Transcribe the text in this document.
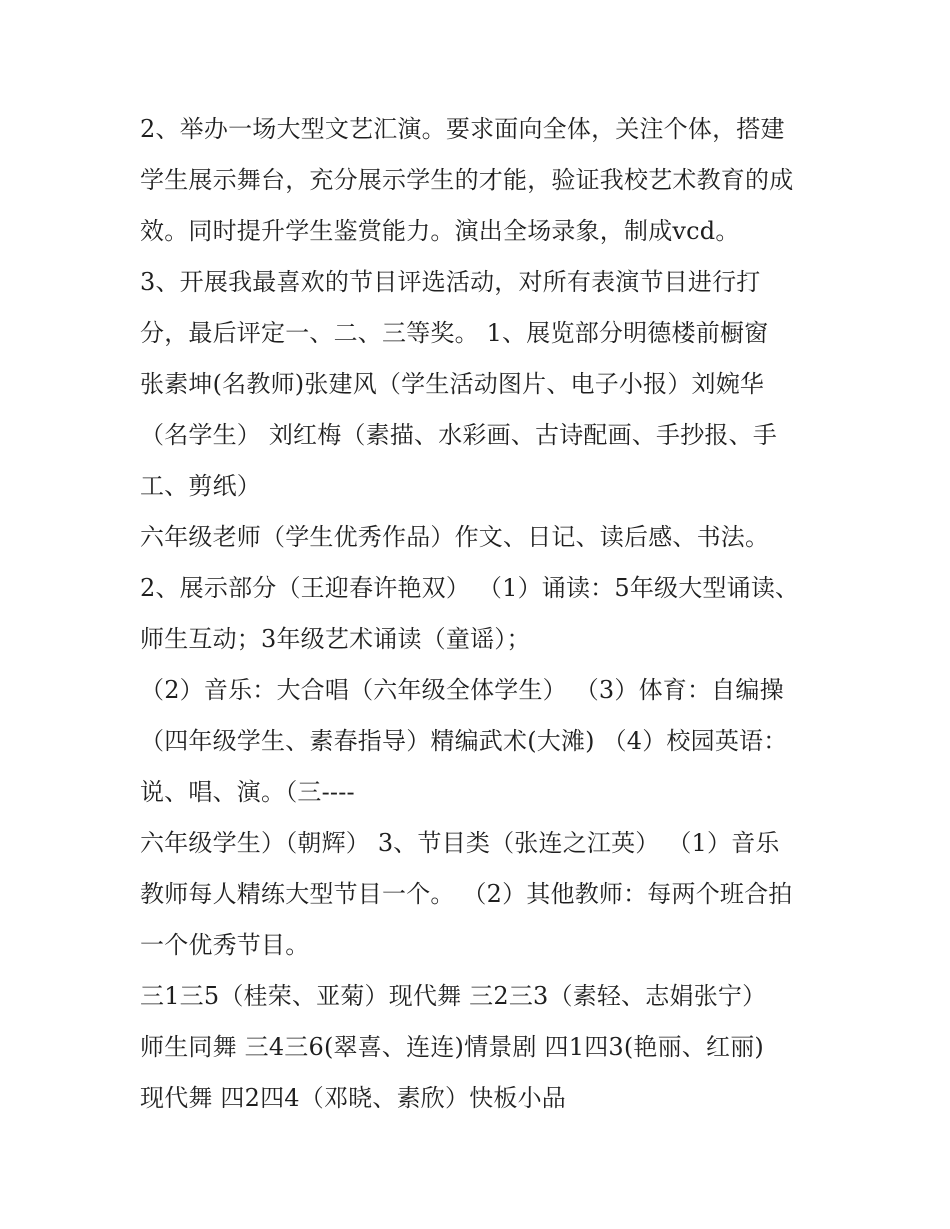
2、举办一场大型文艺汇演。要求面向全体，关注个体，搭建
学生展示舞台，充分展示学生的才能，验证我校艺术教育的成
效。同时提升学生鉴赏能力。演出全场录象，制成vcd。
3、开展我最喜欢的节目评选活动，对所有表演节目进行打
分，最后评定一、二、三等奖。 1、展览部分明德楼前橱窗
张素坤(名教师)张建风（学生活动图片、电子小报）刘婉华
（名学生） 刘红梅（素描、水彩画、古诗配画、手抄报、手
工、剪纸）
六年级老师（学生优秀作品）作文、日记、读后感、书法。
2、展示部分（王迎春许艳双） （1）诵读：5年级大型诵读、
师生互动；3年级艺术诵读（童谣）；
（2）音乐：大合唱（六年级全体学生） （3）体育：自编操
（四年级学生、素春指导）精编武术(大滩) （4）校园英语：
说、唱、演。（三----
六年级学生）（朝辉） 3、节目类（张连之江英） （1）音乐
教师每人精练大型节目一个。 （2）其他教师：每两个班合拍
一个优秀节目。
三1三5（桂荣、亚菊）现代舞 三2三3（素轻、志娟张宁）
师生同舞 三4三6(翠喜、连连)情景剧 四1四3(艳丽、红丽)
现代舞 四2四4（邓晓、素欣）快板小品
